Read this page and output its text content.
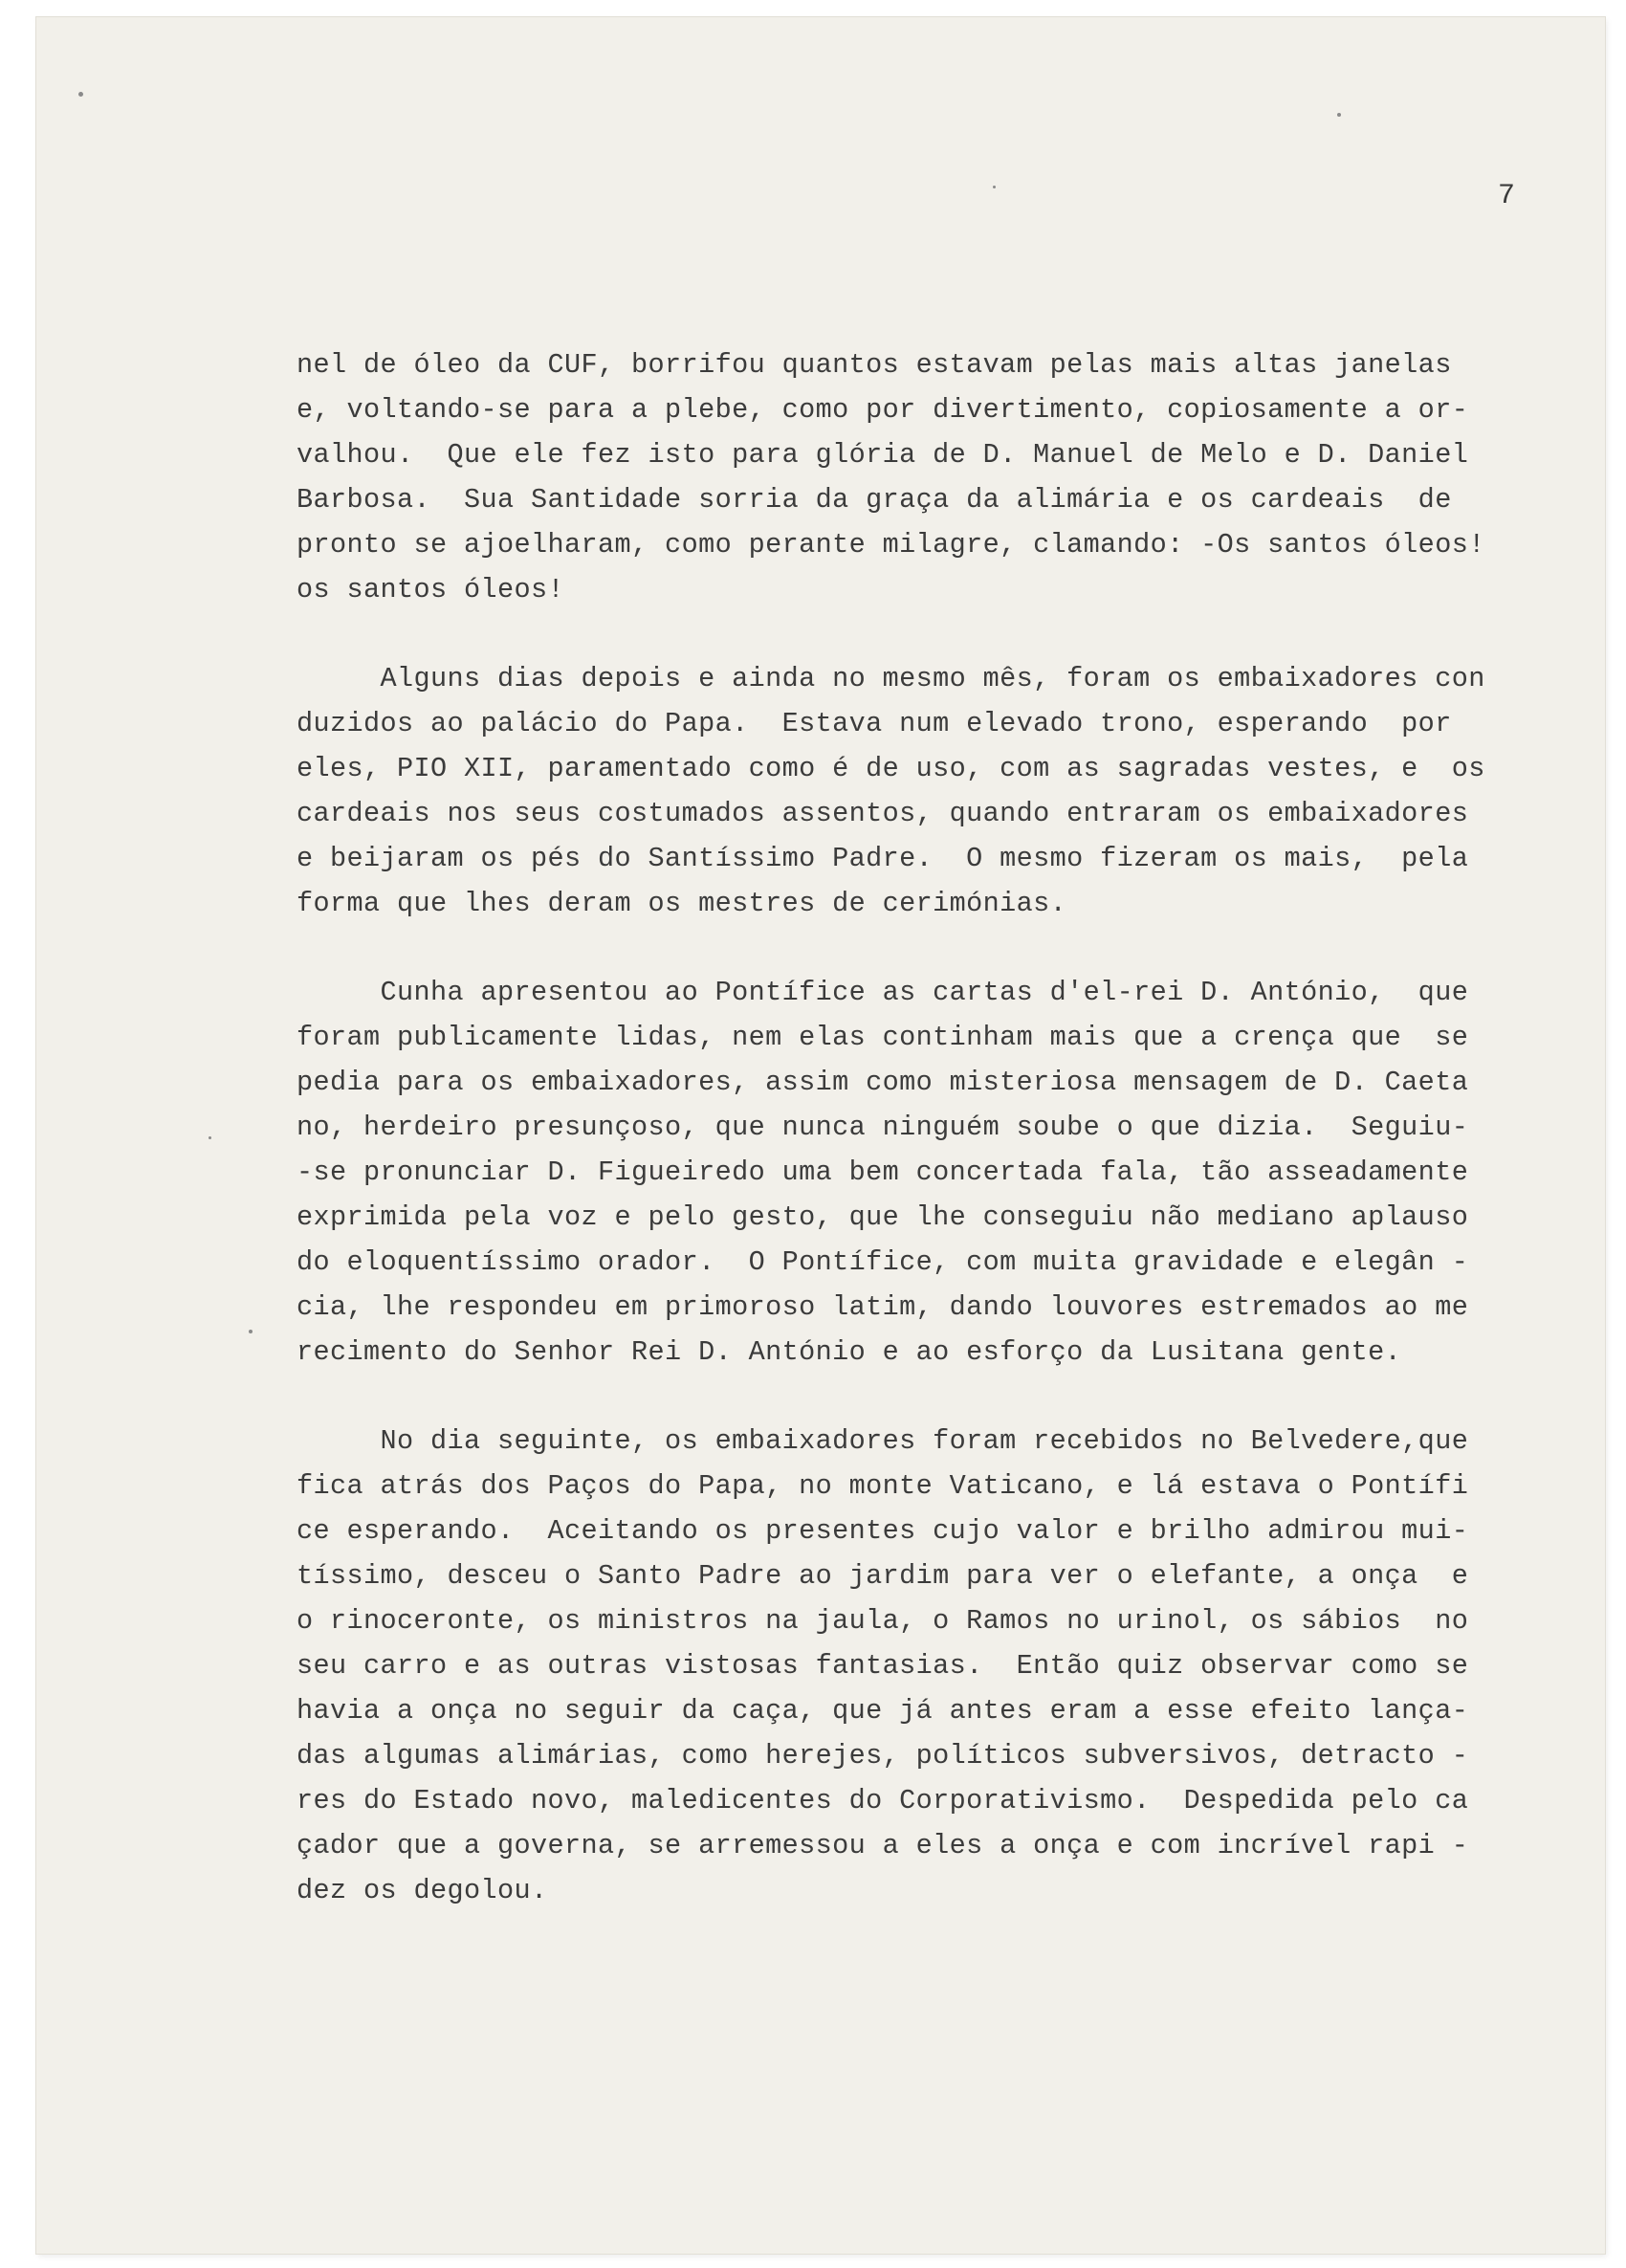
7
nel de óleo da CUF, borrifou quantos estavam pelas mais altas janelas
e, voltando-se para a plebe, como por divertimento, copiosamente a or-
valhou.  Que ele fez isto para glória de D. Manuel de Melo e D. Daniel
Barbosa.  Sua Santidade sorria da graça da alimária e os cardeais  de
pronto se ajoelharam, como perante milagre, clamando: -Os santos óleos!
os santos óleos!
Alguns dias depois e ainda no mesmo mês, foram os embaixadores con
duzidos ao palácio do Papa.  Estava num elevado trono, esperando  por
eles, PIO XII, paramentado como é de uso, com as sagradas vestes, e  os
cardeais nos seus costumados assentos, quando entraram os embaixadores
e beijaram os pés do Santíssimo Padre.  O mesmo fizeram os mais,  pela
forma que lhes deram os mestres de cerimónias.
Cunha apresentou ao Pontífice as cartas d'el-rei D. António,  que
foram publicamente lidas, nem elas continham mais que a crença que  se
pedia para os embaixadores, assim como misteriosa mensagem de D. Caeta
no, herdeiro presunçoso, que nunca ninguém soube o que dizia.  Seguiu-
-se pronunciar D. Figueiredo uma bem concertada fala, tão asseadamente
exprimida pela voz e pelo gesto, que lhe conseguiu não mediano aplauso
do eloquentíssimo orador.  O Pontífice, com muita gravidade e elegân -
cia, lhe respondeu em primoroso latim, dando louvores estremados ao me
recimento do Senhor Rei D. António e ao esforço da Lusitana gente.
No dia seguinte, os embaixadores foram recebidos no Belvedere,que
fica atrás dos Paços do Papa, no monte Vaticano, e lá estava o Pontífi
ce esperando.  Aceitando os presentes cujo valor e brilho admirou mui-
tíssimo, desceu o Santo Padre ao jardim para ver o elefante, a onça  e
o rinoceronte, os ministros na jaula, o Ramos no urinol, os sábios  no
seu carro e as outras vistosas fantasias.  Então quiz observar como se
havia a onça no seguir da caça, que já antes eram a esse efeito lança-
das algumas alimárias, como herejes, políticos subversivos, detracto -
res do Estado novo, maledicentes do Corporativismo.  Despedida pelo ca
çador que a governa, se arremessou a eles a onça e com incrível rapi -
dez os degolou.
